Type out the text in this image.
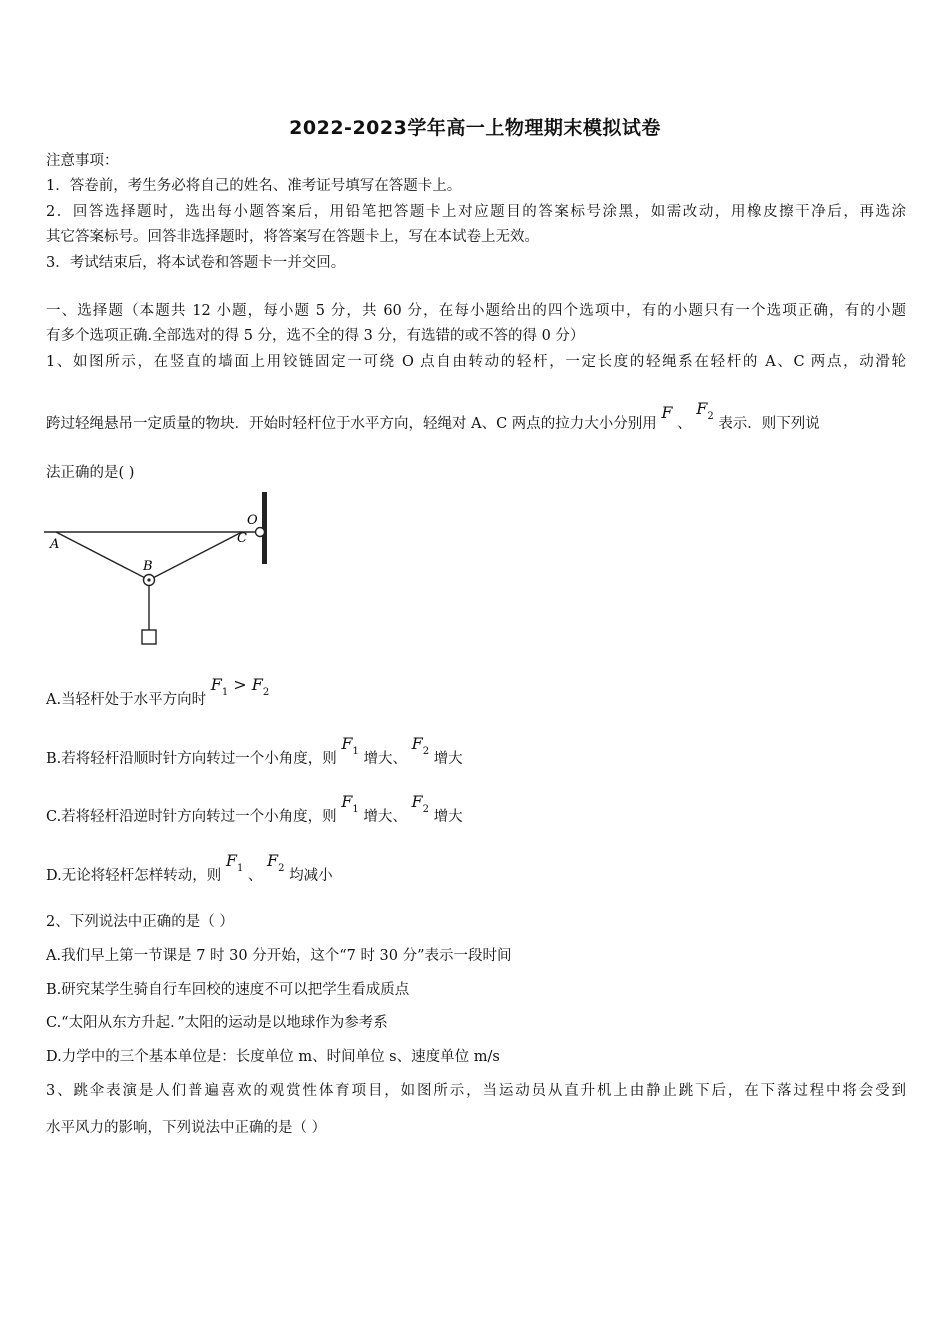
2022-2023学年高一上物理期末模拟试卷
注意事项：
1．答卷前，考生务必将自己的姓名、准考证号填写在答题卡上。
2．回答选择题时，选出每小题答案后，用铅笔把答题卡上对应题目的答案标号涂黑，如需改动，用橡皮擦干净后，再选涂
其它答案标号。回答非选择题时，将答案写在答题卡上，写在本试卷上无效。
3．考试结束后，将本试卷和答题卡一并交回。
一、选择题（本题共 12 小题，每小题 5 分，共 60 分，在每小题给出的四个选项中，有的小题只有一个选项正确，有的小题
有多个选项正确.全部选对的得 5 分，选不全的得 3 分，有选错的或不答的得 0 分）
1、如图所示，在竖直的墙面上用铰链固定一可绕 O 点自由转动的轻杆，一定长度的轻绳系在轻杆的 A、C 两点，动滑轮
跨过轻绳悬吊一定质量的物块．开始时轻杆位于水平方向，轻绳对 A、C 两点的拉力大小分别用 F 、 $F_2$ 表示．则下列说
法正确的是( )
A
B
C
O
A.当轻杆处于水平方向时 $F_1 > F_2$
B.若将轻杆沿顺时针方向转过一个小角度，则 $F_1$ 增大、 $F_2$ 增大
C.若将轻杆沿逆时针方向转过一个小角度，则 $F_1$ 增大、 $F_2$ 增大
D.无论将轻杆怎样转动，则 $F_1$ 、 $F_2$ 均减小
2、下列说法中正确的是（ ）
A.我们早上第一节课是 7 时 30 分开始，这个“7 时 30 分”表示一段时间
B.研究某学生骑自行车回校的速度不可以把学生看成质点
C.“太阳从东方升起．”太阳的运动是以地球作为参考系
D.力学中的三个基本单位是：长度单位 m、时间单位 s、速度单位 m/s
3、跳伞表演是人们普遍喜欢的观赏性体育项目，如图所示，当运动员从直升机上由静止跳下后，在下落过程中将会受到
水平风力的影响，下列说法中正确的是（ ）
